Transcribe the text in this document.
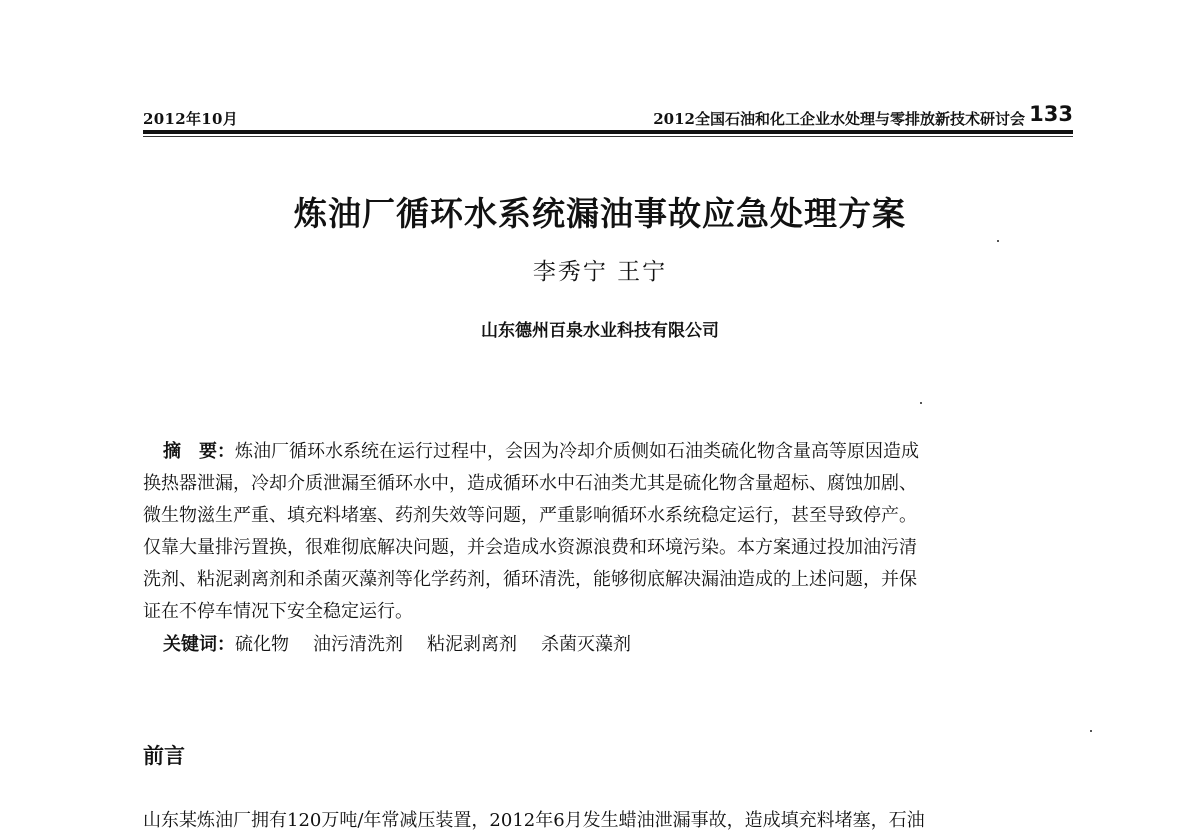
2012年10月	2012全国石油和化工企业水处理与零排放新技术研讨会 133
炼油厂循环水系统漏油事故应急处理方案
李秀宁 王宁
山东德州百泉水业科技有限公司
摘　要：炼油厂循环水系统在运行过程中，会因为冷却介质侧如石油类硫化物含量高等原因造成
换热器泄漏，冷却介质泄漏至循环水中，造成循环水中石油类尤其是硫化物含量超标、腐蚀加剧、
微生物滋生严重、填充料堵塞、药剂失效等问题，严重影响循环水系统稳定运行，甚至导致停产。
仅靠大量排污置换，很难彻底解决问题，并会造成水资源浪费和环境污染。本方案通过投加油污清
洗剂、粘泥剥离剂和杀菌灭藻剂等化学药剂，循环清洗，能够彻底解决漏油造成的上述问题，并保
证在不停车情况下安全稳定运行。
关键词：硫化物 油污清洗剂 粘泥剥离剂 杀菌灭藻剂
前言
山东某炼油厂拥有120万吨/年常减压装置，2012年6月发生蜡油泄漏事故，造成填充料堵塞，石油
